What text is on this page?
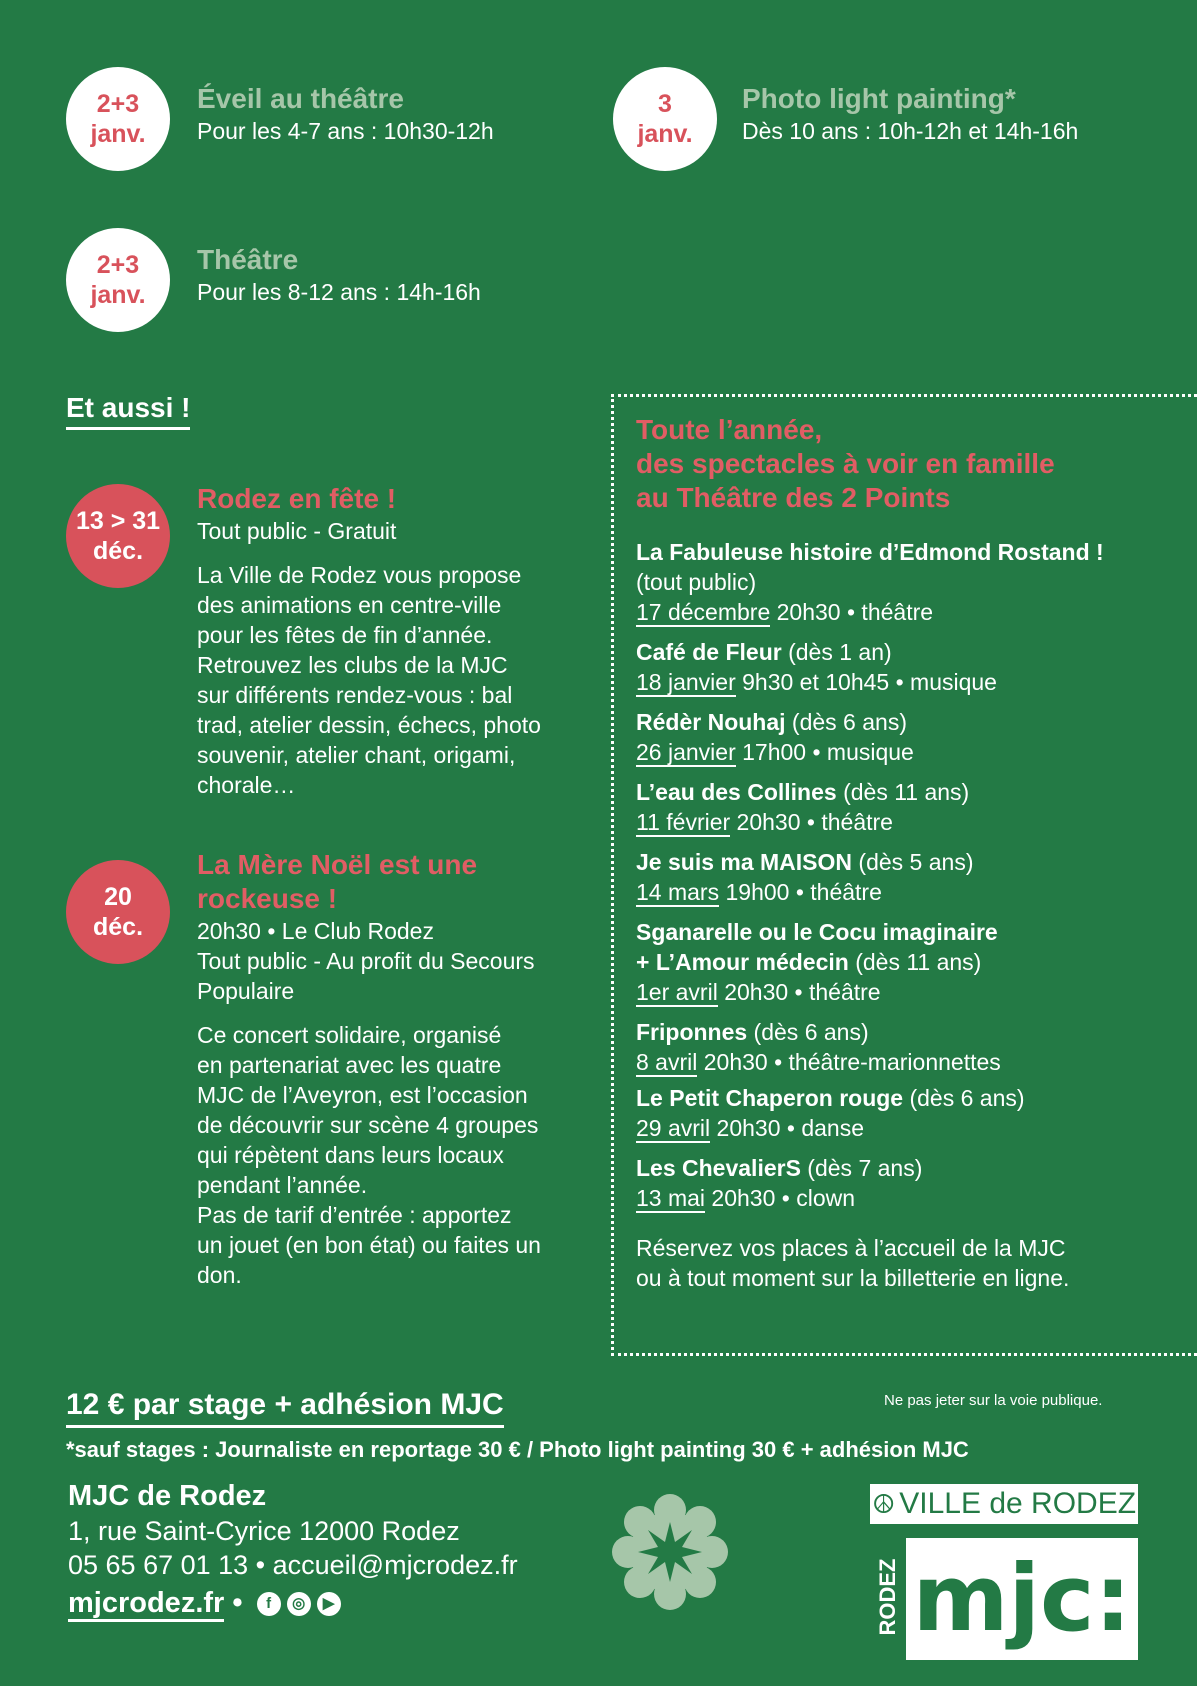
2+3
janv.
Éveil au théâtre
Pour les 4-7 ans : 10h30-12h
3
janv.
Photo light painting*
Dès 10 ans : 10h-12h et 14h-16h
2+3
janv.
Théâtre
Pour les 8-12 ans : 14h-16h
Et aussi !
13 > 31
déc.
Rodez en fête !
Tout public - Gratuit
La Ville de Rodez vous propose
des animations en centre-ville
pour les fêtes de fin d’année.
Retrouvez les clubs de la MJC
sur différents rendez-vous : bal
trad, atelier dessin, échecs, photo
souvenir, atelier chant, origami,
chorale…
20
déc.
La Mère Noël est une
rockeuse !
20h30 • Le Club Rodez
Tout public - Au profit du Secours
Populaire
Ce concert solidaire, organisé
en partenariat avec les quatre
MJC de l’Aveyron, est l’occasion
de découvrir sur scène 4 groupes
qui répètent dans leurs locaux
pendant l’année.
Pas de tarif d’entrée : apportez
un jouet (en bon état) ou faites un
don.
Toute l’année,
des spectacles à voir en famille
au Théâtre des 2 Points
La Fabuleuse histoire d’Edmond Rostand !
(tout public)
17 décembre 20h30 • théâtre
Café de Fleur (dès 1 an)
18 janvier 9h30 et 10h45 • musique
Rédèr Nouhaj (dès 6 ans)
26 janvier 17h00 • musique
L’eau des Collines (dès 11 ans)
11 février 20h30 • théâtre
Je suis ma MAISON (dès 5 ans)
14 mars 19h00 • théâtre
Sganarelle ou le Cocu imaginaire
+ L’Amour médecin (dès 11 ans)
1er avril 20h30 • théâtre
Friponnes (dès 6 ans)
8 avril 20h30 • théâtre-marionnettes
Le Petit Chaperon rouge (dès 6 ans)
29 avril 20h30 • danse
Les ChevalierS (dès 7 ans)
13 mai 20h30 • clown
Réservez vos places à l’accueil de la MJC
ou à tout moment sur la billetterie en ligne.
12 € par stage + adhésion MJC	Ne pas jeter sur la voie publique.
*sauf stages : Journaliste en reportage 30 € / Photo light painting 30 € + adhésion MJC
MJC de Rodez
1, rue Saint-Cyrice 12000 Rodez
05 65 67 01 13 • accueil@mjcrodez.fr
mjcrodez.fr • f ◎ ▶
☮ VILLE de RODEZ
RODEZ mjc:
